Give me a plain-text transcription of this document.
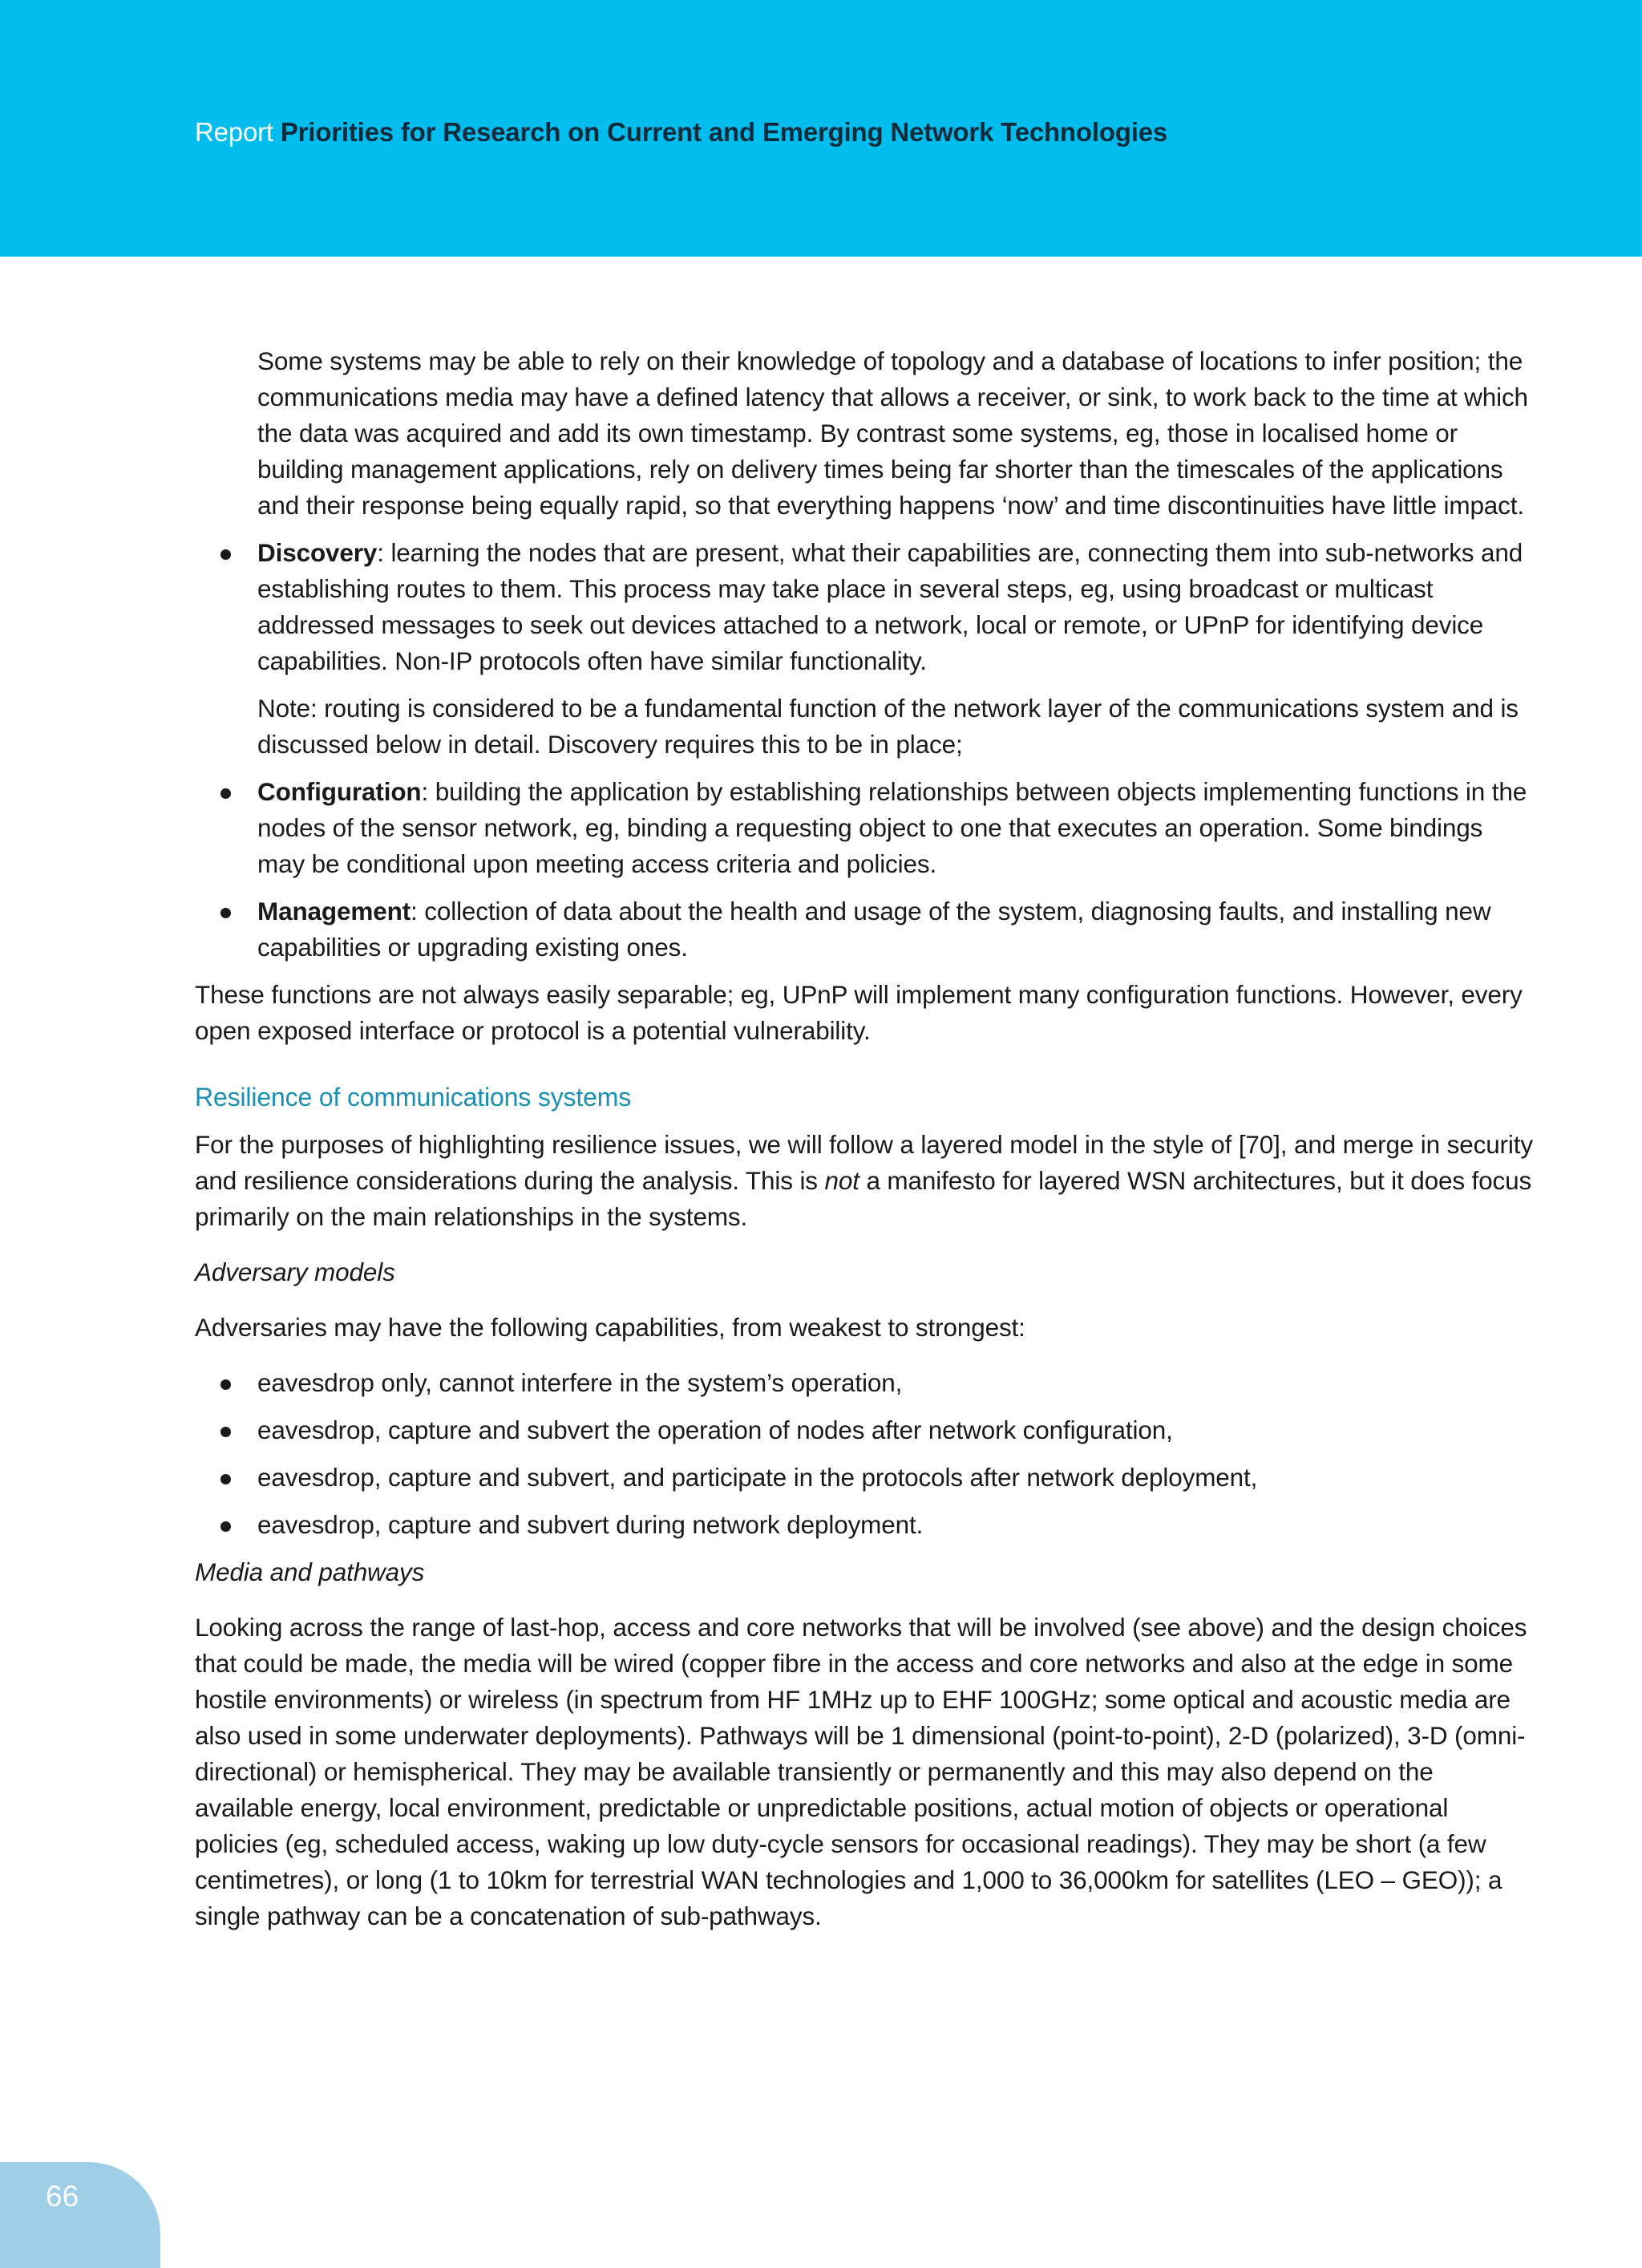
Report Priorities for Research on Current and Emerging Network Technologies

Some systems may be able to rely on their knowledge of topology and a database of locations to infer position; the communications media may have a defined latency that allows a receiver, or sink, to work back to the time at which the data was acquired and add its own timestamp. By contrast some systems, eg, those in localised home or building management applications, rely on delivery times being far shorter than the timescales of the applications and their response being equally rapid, so that everything happens ‘now’ and time discontinuities have little impact.

Discovery: learning the nodes that are present, what their capabilities are, connecting them into sub-networks and establishing routes to them. This process may take place in several steps, eg, using broadcast or multicast addressed messages to seek out devices attached to a network, local or remote, or UPnP for identifying device capabilities. Non-IP protocols often have similar functionality.

Note: routing is considered to be a fundamental function of the network layer of the communications system and is discussed below in detail. Discovery requires this to be in place;

Configuration: building the application by establishing relationships between objects implementing functions in the nodes of the sensor network, eg, binding a requesting object to one that executes an operation. Some bindings may be conditional upon meeting access criteria and policies.
Management: collection of data about the health and usage of the system, diagnosing faults, and installing new capabilities or upgrading existing ones.

These functions are not always easily separable; eg, UPnP will implement many configuration functions. However, every open exposed interface or protocol is a potential vulnerability.

Resilience of communications systems

For the purposes of highlighting resilience issues, we will follow a layered model in the style of [70], and merge in security and resilience considerations during the analysis. This is not a manifesto for layered WSN architectures, but it does focus primarily on the main relationships in the systems.

Adversary models

Adversaries may have the following capabilities, from weakest to strongest:

eavesdrop only, cannot interfere in the system’s operation,
eavesdrop, capture and subvert the operation of nodes after network configuration,
eavesdrop, capture and subvert, and participate in the protocols after network deployment,
eavesdrop, capture and subvert during network deployment.

Media and pathways

Looking across the range of last-hop, access and core networks that will be involved (see above) and the design choices that could be made, the media will be wired (copper fibre in the access and core networks and also at the edge in some hostile environments) or wireless (in spectrum from HF 1MHz up to EHF 100GHz; some optical and acoustic media are also used in some underwater deployments). Pathways will be 1 dimensional (point-to-point), 2-D (polarized), 3-D (omni-directional) or hemispherical. They may be available transiently or permanently and this may also depend on the available energy, local environment, predictable or unpredictable positions, actual motion of objects or operational policies (eg, scheduled access, waking up low duty-cycle sensors for occasional readings). They may be short (a few centimetres), or long (1 to 10km for terrestrial WAN technologies and 1,000 to 36,000km for satellites (LEO – GEO)); a single pathway can be a concatenation of sub-pathways.

66
